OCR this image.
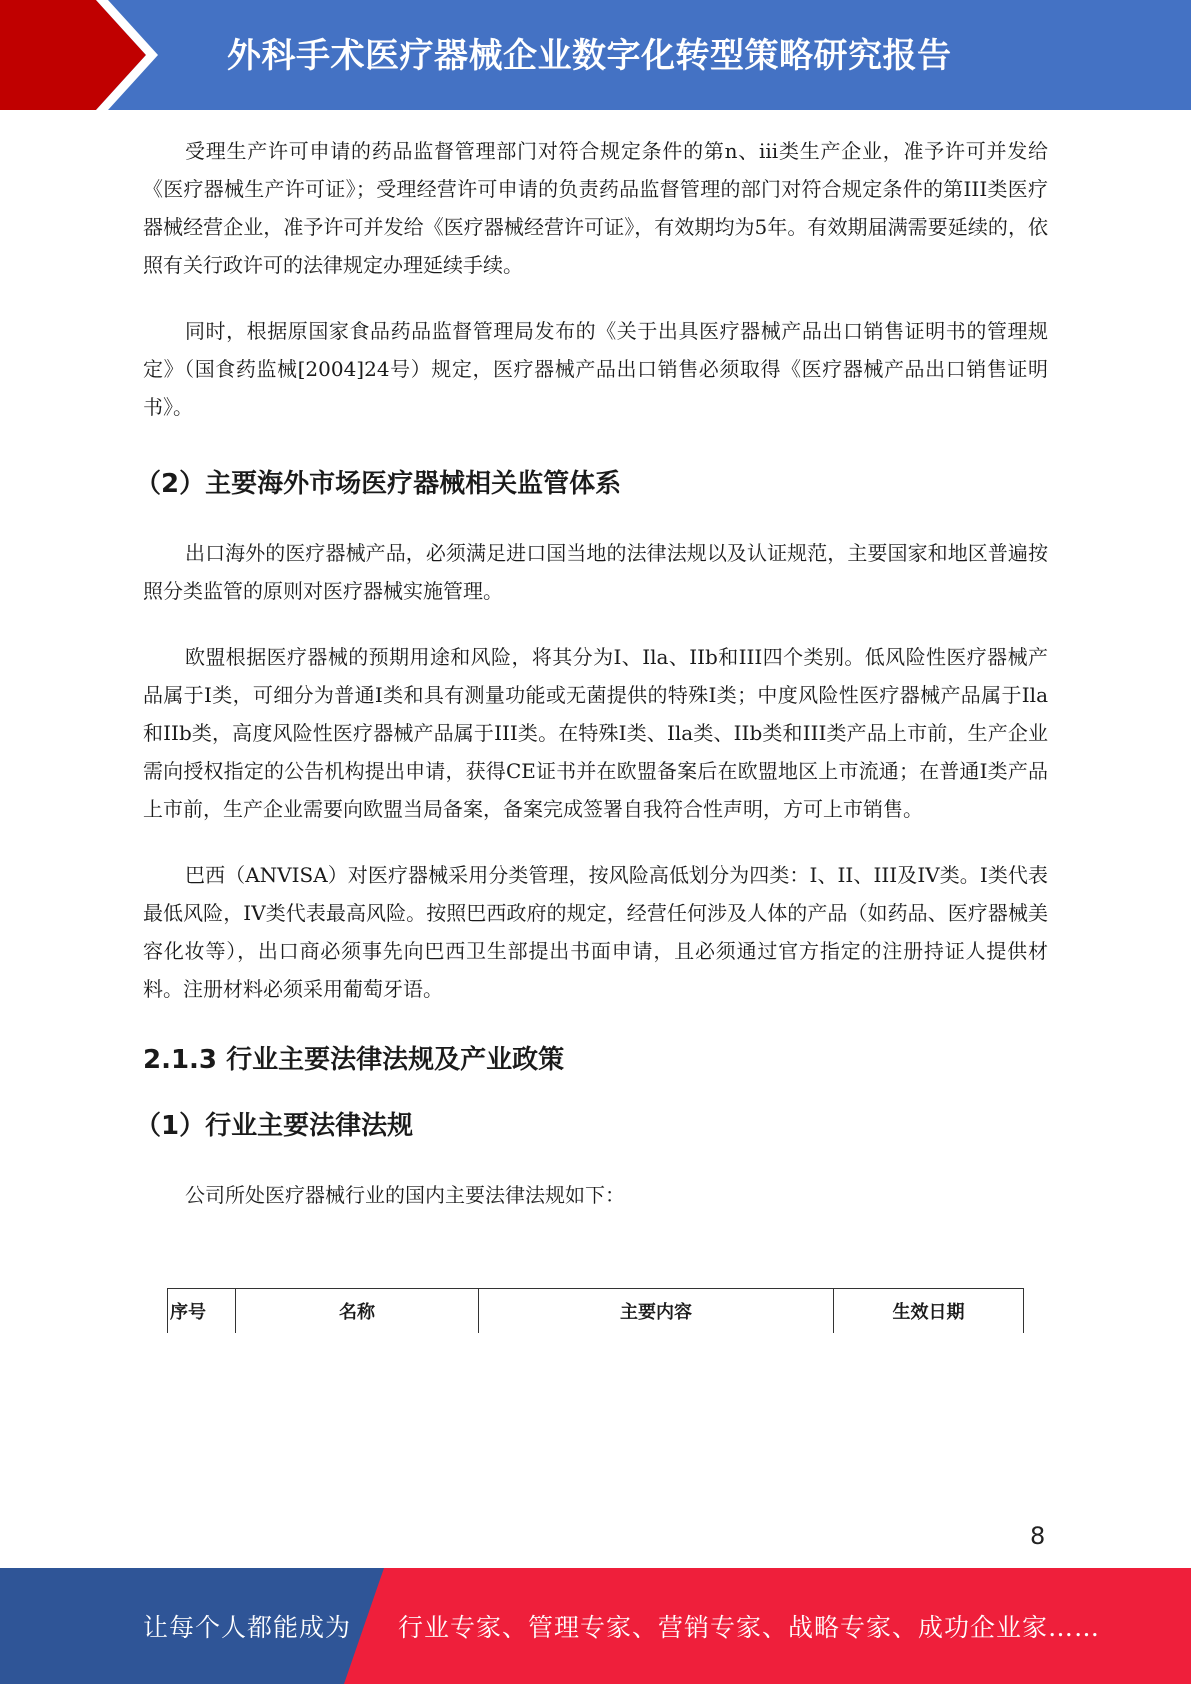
外科手术医疗器械企业数字化转型策略研究报告

受理生产许可申请的药品监督管理部门对符合规定条件的第n、iii类生产企业，准予许可并发给《医疗器械生产许可证》；受理经营许可申请的负责药品监督管理的部门对符合规定条件的第III类医疗器械经营企业，准予许可并发给《医疗器械经营许可证》，有效期均为5年。有效期届满需要延续的，依照有关行政许可的法律规定办理延续手续。

同时，根据原国家食品药品监督管理局发布的《关于出具医疗器械产品出口销售证明书的管理规定》（国食药监械[2004]24号）规定，医疗器械产品出口销售必须取得《医疗器械产品出口销售证明书》。

（2）主要海外市场医疗器械相关监管体系

出口海外的医疗器械产品，必须满足进口国当地的法律法规以及认证规范，主要国家和地区普遍按照分类监管的原则对医疗器械实施管理。

欧盟根据医疗器械的预期用途和风险，将其分为I、Ila、IIb和III四个类别。低风险性医疗器械产品属于I类，可细分为普通I类和具有测量功能或无菌提供的特殊I类；中度风险性医疗器械产品属于Ila和IIb类，高度风险性医疗器械产品属于III类。在特殊I类、Ila类、IIb类和III类产品上市前，生产企业需向授权指定的公告机构提出申请，获得CE证书并在欧盟备案后在欧盟地区上市流通；在普通I类产品上市前，生产企业需要向欧盟当局备案，备案完成签署自我符合性声明，方可上市销售。

巴西（ANVISA）对医疗器械采用分类管理，按风险高低划分为四类：I、II、III及IV类。I类代表最低风险，IV类代表最高风险。按照巴西政府的规定，经营任何涉及人体的产品（如药品、医疗器械美容化妆等），出口商必须事先向巴西卫生部提出书面申请，且必须通过官方指定的注册持证人提供材料。注册材料必须采用葡萄牙语。

2.1.3 行业主要法律法规及产业政策
（1）行业主要法律法规

公司所处医疗器械行业的国内主要法律法规如下：

序号	名称	主要内容	生效日期
8
让每个人都能成为 行业专家、管理专家、营销专家、战略专家、成功企业家……
